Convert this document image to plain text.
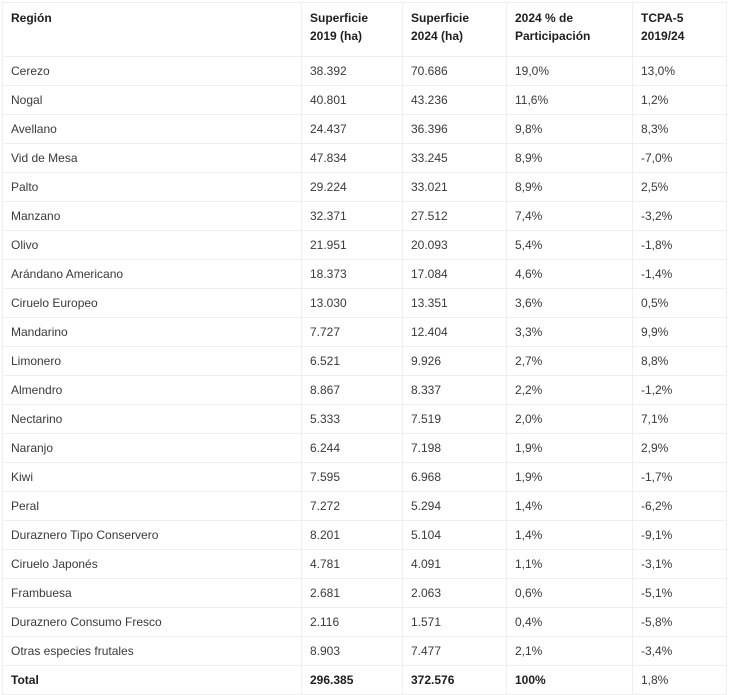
Región	Superficie 2019 (ha)	Superficie 2024 (ha)	2024 % de Participación	TCPA-5 2019/24
Cerezo	38.392	70.686	19,0%	13,0%
Nogal	40.801	43.236	11,6%	1,2%
Avellano	24.437	36.396	9,8%	8,3%
Vid de Mesa	47.834	33.245	8,9%	-7,0%
Palto	29.224	33.021	8,9%	2,5%
Manzano	32.371	27.512	7,4%	-3,2%
Olivo	21.951	20.093	5,4%	-1,8%
Arándano Americano	18.373	17.084	4,6%	-1,4%
Ciruelo Europeo	13.030	13.351	3,6%	0,5%
Mandarino	7.727	12.404	3,3%	9,9%
Limonero	6.521	9.926	2,7%	8,8%
Almendro	8.867	8.337	2,2%	-1,2%
Nectarino	5.333	7.519	2,0%	7,1%
Naranjo	6.244	7.198	1,9%	2,9%
Kiwi	7.595	6.968	1,9%	-1,7%
Peral	7.272	5.294	1,4%	-6,2%
Duraznero Tipo Conservero	8.201	5.104	1,4%	-9,1%
Ciruelo Japonés	4.781	4.091	1,1%	-3,1%
Frambuesa	2.681	2.063	0,6%	-5,1%
Duraznero Consumo Fresco	2.116	1.571	0,4%	-5,8%
Otras especies frutales	8.903	7.477	2,1%	-3,4%
Total	296.385	372.576	100%	1,8%
